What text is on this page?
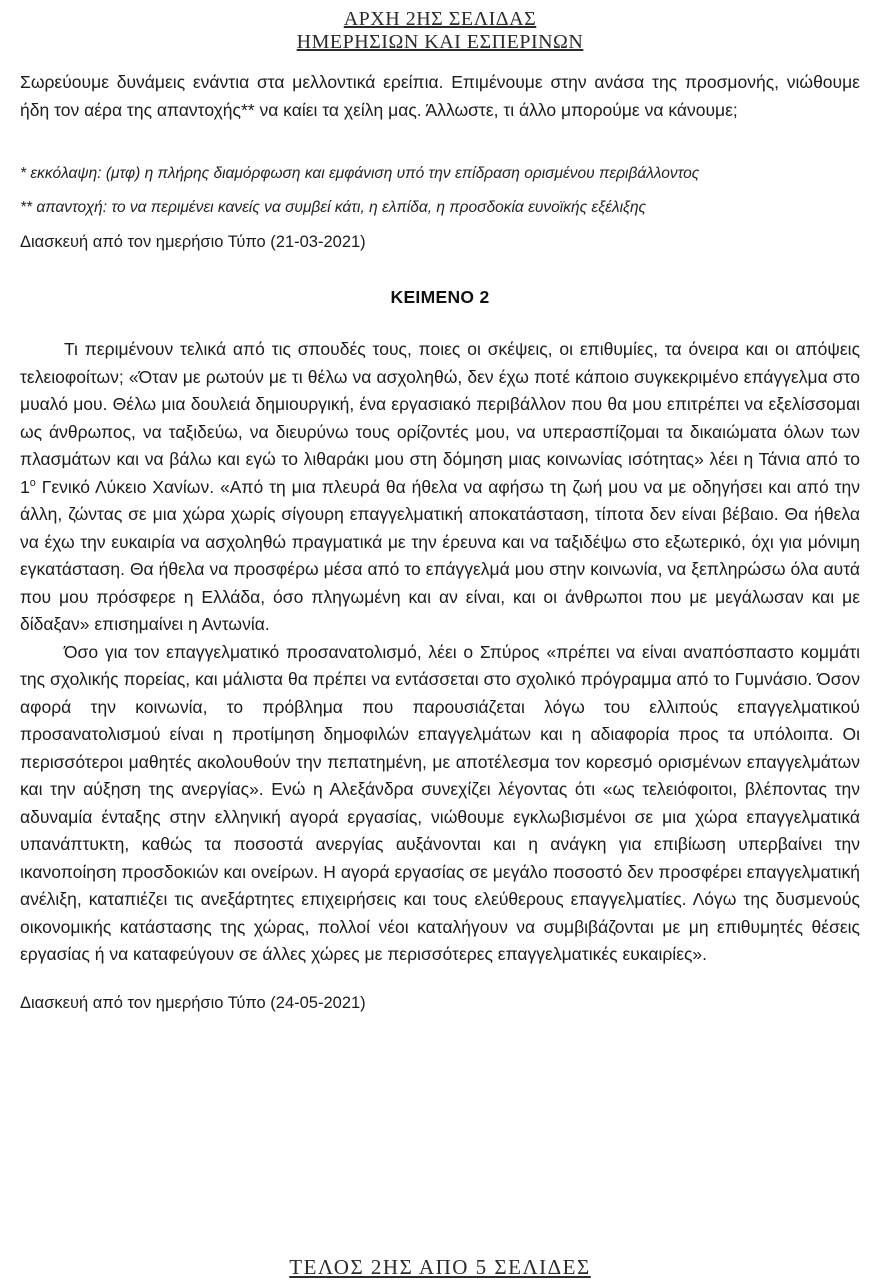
ΑΡΧΗ 2ΗΣ ΣΕΛΙΔΑΣ
ΗΜΕΡΗΣΙΩΝ ΚΑΙ ΕΣΠΕΡΙΝΩΝ

Σωρεύουμε δυνάμεις ενάντια στα μελλοντικά ερείπια. Επιμένουμε στην ανάσα της προσμονής, νιώθουμε ήδη τον αέρα της απαντοχής** να καίει τα χείλη μας. Άλλωστε, τι άλλο μπορούμε να κάνουμε;

* εκκόλαψη: (μτφ) η πλήρης διαμόρφωση και εμφάνιση υπό την επίδραση ορισμένου περιβάλλοντος

** απαντοχή: το να περιμένει κανείς να συμβεί κάτι, η ελπίδα, η προσδοκία ευνοϊκής εξέλιξης

Διασκευή από τον ημερήσιο Τύπο (21-03-2021)

ΚΕΙΜΕΝΟ 2

Τι περιμένουν τελικά από τις σπουδές τους, ποιες οι σκέψεις, οι επιθυμίες, τα όνειρα και οι απόψεις τελειοφοίτων; «Όταν με ρωτούν με τι θέλω να ασχοληθώ, δεν έχω ποτέ κάποιο συγκεκριμένο επάγγελμα στο μυαλό μου. Θέλω μια δουλειά δημιουργική, ένα εργασιακό περιβάλλον που θα μου επιτρέπει να εξελίσσομαι ως άνθρωπος, να ταξιδεύω, να διευρύνω τους ορίζοντές μου, να υπερασπίζομαι τα δικαιώματα όλων των πλασμάτων και να βάλω και εγώ το λιθαράκι μου στη δόμηση μιας κοινωνίας ισότητας» λέει η Τάνια από το $1^o$ Γενικό Λύκειο Χανίων. «Από τη μια πλευρά θα ήθελα να αφήσω τη ζωή μου να με οδηγήσει και από την άλλη, ζώντας σε μια χώρα χωρίς σίγουρη επαγγελματική αποκατάσταση, τίποτα δεν είναι βέβαιο. Θα ήθελα να έχω την ευκαιρία να ασχοληθώ πραγματικά με την έρευνα και να ταξιδέψω στο εξωτερικό, όχι για μόνιμη εγκατάσταση. Θα ήθελα να προσφέρω μέσα από το επάγγελμά μου στην κοινωνία, να ξεπληρώσω όλα αυτά που μου πρόσφερε η Ελλάδα, όσο πληγωμένη και αν είναι, και οι άνθρωποι που με μεγάλωσαν και με δίδαξαν» επισημαίνει η Αντωνία.

Όσο για τον επαγγελματικό προσανατολισμό, λέει ο Σπύρος «πρέπει να είναι αναπόσπαστο κομμάτι της σχολικής πορείας, και μάλιστα θα πρέπει να εντάσσεται στο σχολικό πρόγραμμα από το Γυμνάσιο. Όσον αφορά την κοινωνία, το πρόβλημα που παρουσιάζεται λόγω του ελλιπούς επαγγελματικού προσανατολισμού είναι η προτίμηση δημοφιλών επαγγελμάτων και η αδιαφορία προς τα υπόλοιπα. Οι περισσότεροι μαθητές ακολουθούν την πεπατημένη, με αποτέλεσμα τον κορεσμό ορισμένων επαγγελμάτων και την αύξηση της ανεργίας». Ενώ η Αλεξάνδρα συνεχίζει λέγοντας ότι «ως τελειόφοιτοι, βλέποντας την αδυναμία ένταξης στην ελληνική αγορά εργασίας, νιώθουμε εγκλωβισμένοι σε μια χώρα επαγγελματικά υπανάπτυκτη, καθώς τα ποσοστά ανεργίας αυξάνονται και η ανάγκη για επιβίωση υπερβαίνει την ικανοποίηση προσδοκιών και ονείρων. Η αγορά εργασίας σε μεγάλο ποσοστό δεν προσφέρει επαγγελματική ανέλιξη, καταπιέζει τις ανεξάρτητες επιχειρήσεις και τους ελεύθερους επαγγελματίες. Λόγω της δυσμενούς οικονομικής κατάστασης της χώρας, πολλοί νέοι καταλήγουν να συμβιβάζονται με μη επιθυμητές θέσεις εργασίας ή να καταφεύγουν σε άλλες χώρες με περισσότερες επαγγελματικές ευκαιρίες».

Διασκευή από τον ημερήσιο Τύπο (24-05-2021)

ΤΕΛΟΣ 2ΗΣ ΑΠΟ 5 ΣΕΛΙΔΕΣ
